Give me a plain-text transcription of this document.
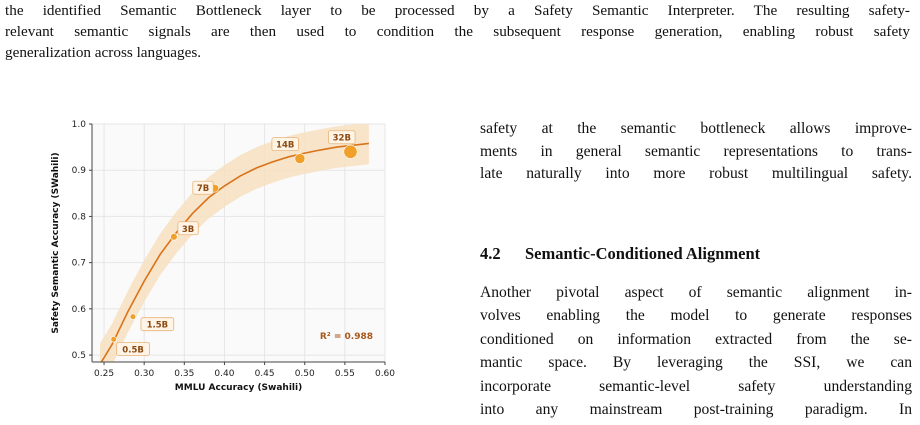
the identified Semantic Bottleneck layer to be processed by a Safety Semantic Interpreter. The resulting safety-
relevant semantic signals are then used to condition the subsequent response generation, enabling robust safety
generalization across languages.
0.25 0.30 0.35 0.40 0.45 0.50 0.55 0.60
0.5
0.6
0.7
0.8
0.9
1.0
0.5B
1.5B
3B
7B
14B
32B
R² = 0.988
MMLU Accuracy (Swahili)
Safety Semantic Accuracy (SWahili)
safety at the semantic bottleneck allows improve-
ments in general semantic representations to trans-
late naturally into more robust multilingual safety.
4.2 Semantic-Conditioned Alignment
Another pivotal aspect of semantic alignment in-
volves enabling the model to generate responses
conditioned on information extracted from the se-
mantic space. By leveraging the SSI, we can
incorporate semantic-level safety understanding
into any mainstream post-training paradigm. In
